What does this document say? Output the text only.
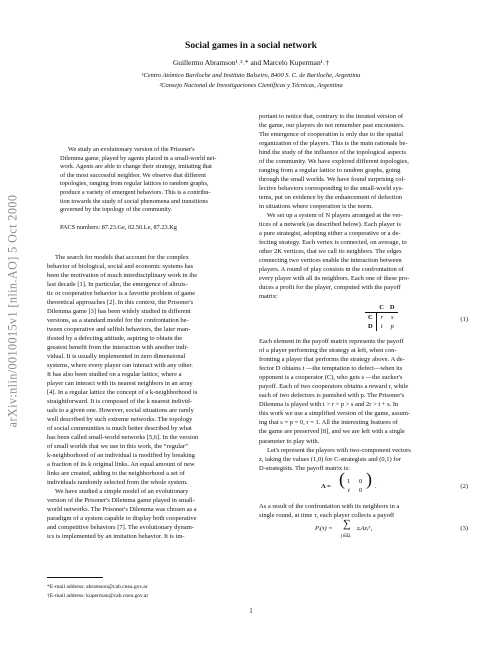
arXiv:nlin/0010015v1 [nlin.AO] 5 Oct 2000
Social games in a social network
Guillermo Abramson¹˒²˒* and Marcelo Kuperman¹˒†
¹Centro Atómico Bariloche and Instituto Balseiro, 8400 S. C. de Bariloche, Argentina
²Consejo Nacional de Investigaciones Científicas y Técnicas, Argentina
We study an evolutionary version of the Prisoner's
Dilemma game, played by agents placed in a small-world net-
work. Agents are able to change their strategy, imitating that
of the most successful neighbor. We observe that different
topologies, ranging from regular lattices to random graphs,
produce a variety of emergent behaviors. This is a contribu-
tion towards the study of social phenomena and transitions
governed by the topology of the community.
PACS numbers: 87.23.Ge, 02.50.Le, 87.23.Kg
The search for models that account for the complex
behavior of biological, social and economic systems has
been the motivation of much interdisciplinary work in the
last decade [1]. In particular, the emergence of altruis-
tic or cooperative behavior is a favorite problem of game
theoretical approaches [2]. In this context, the Prisoner's
Dilemma game [3] has been widely studied in different
versions, as a standard model for the confrontation be-
tween cooperative and selfish behaviors, the later man-
ifested by a defecting attitude, aspiring to obtain the
greatest benefit from the interaction with another indi-
vidual. It is usually implemented in zero dimensional
systems, where every player can interact with any other.
It has also been studied on a regular lattice, where a
player can interact with its nearest neighbors in an array
[4]. In a regular lattice the concept of a k-neighborhood is
straightforward. It is composed of the k nearest individ-
uals to a given one. However, social situations are rarely
well described by such extreme networks. The topology
of social communities is much better described by what
has been called small-world networks [5,6]. In the version
of small worlds that we use in this work, the “regular”
k-neighborhood of an individual is modified by breaking
a fraction of its k original links. An equal amount of new
links are created, adding to the neighborhood a set of
individuals randomly selected from the whole system.
We have studied a simple model of an evolutionary
version of the Prisoner's Dilemma game played in small-
world networks. The Prisoner's Dilemma was chosen as a
paradigm of a system capable to display both cooperative
and competitive behaviors [7]. The evolutionary dynam-
ics is implemented by an imitation behavior. It is im-
portant to notice that, contrary to the iterated version of
the game, our players do not remember past encounters.
The emergence of cooperation is only due to the spatial
organization of the players. This is the main rationale be-
hind the study of the influence of the topological aspects
of the community. We have explored different topologies,
ranging from a regular lattice to random graphs, going
through the small worlds. We have found surprising col-
lective behaviors corresponding to the small-world sys-
tems, put on evidence by the enhancement of defection
in situations where cooperation is the norm.
We set up a system of N players arranged at the ver-
tices of a network (as described below). Each player is
a pure strategist, adopting either a cooperative or a de-
fecting strategy. Each vertex is connected, on average, to
other 2K vertices, that we call its neighbors. The edges
connecting two vertices enable the interaction between
players. A round of play consists in the confrontation of
every player with all its neighbors. Each one of these pro-
duces a profit for the player, computed with the payoff
matrix:
	C	D
C	r	s
D	t	p
(1)
Each element in the payoff matrix represents the payoff
of a player performing the strategy at left, when con-
fronting a player that performs the strategy above. A de-
fector D obtains t —the temptation to defect—when its
opponent is a cooperator (C), who gets s —the sucker's
payoff. Each of two cooperators obtains a reward r, while
each of two defectors is punished with p. The Prisoner's
Dilemma is played with t > r > p > s and 2r > t + s. In
this work we use a simplified version of the game, assum-
ing that s = p = 0, r = 1. All the interesting features of
the game are preserved [8], and we are left with a single
parameter to play with.
Let's represent the players with two-component vectors
z, taking the values (1,0) for C-strategists and (0,1) for
D-strategists. The payoff matrix is:
A = ( 1 0
t 0
) .	(2)
As a result of the confrontation with its neighbors in a
single round, at time τ, each player collects a payoff
Pᵢ(τ) = ∑
j∈Ωᵢ
zᵢAzⱼᵀ,	(3)
*E-mail address: abramson@cab.cnea.gov.ar
†E-mail address: kuperman@cab.cnea.gov.ar
1
